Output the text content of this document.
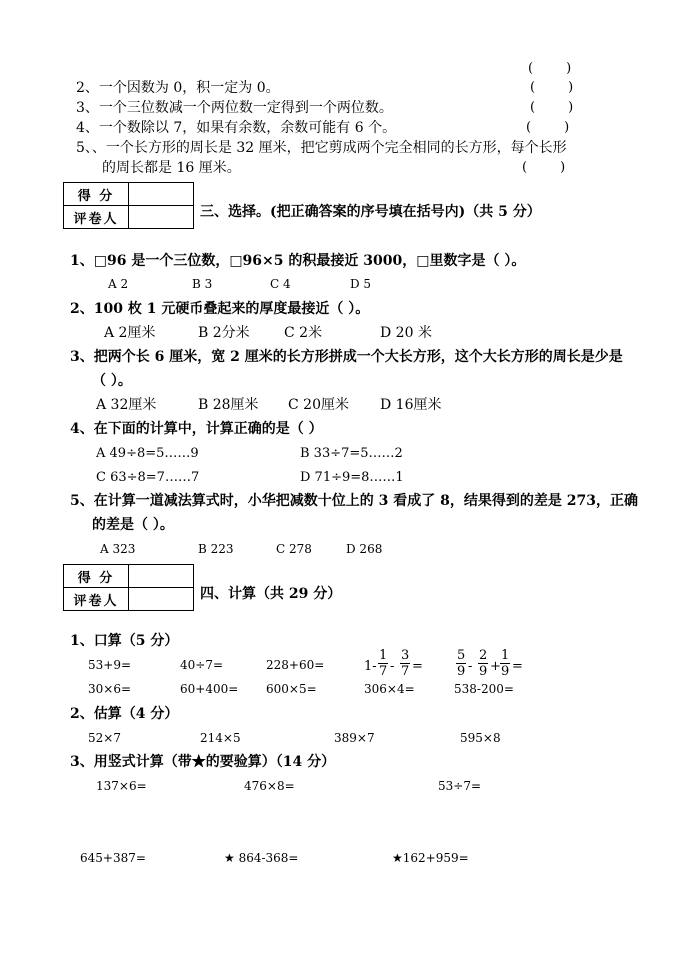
(        )
2、一个因数为 0，积一定为 0。	(        )
3、一个三位数减一个两位数一定得到一个两位数。	(        )
4、一个数除以 7，如果有余数，余数可能有 6 个。	(        )
5、、一个长方形的周长是 32 厘米，把它剪成两个完全相同的长方形，每个长形
的周长都是 16 厘米。	(        )
得 分	
评卷人		三、选择。(把正确答案的序号填在括号内)（共 5 分）
1、□96 是一个三位数，□96×5 的积最接近 3000，□里数字是（ ）。
A 2	B 3	C 4	D 5
2、100 枚 1 元硬币叠起来的厚度最接近（ ）。
A 2厘米	B 2分米 C 2米	D 20 米
3、把两个长 6 厘米，宽 2 厘米的长方形拼成一个大长方形，这个大长方形的周长是少是
（ ）。
A 32厘米	B 28厘米 C 20厘米 D 16厘米
4、在下面的计算中，计算正确的是（ ）
A 49÷8=5……9	B 33÷7=5……2
C 63÷8=7……7	D 71÷9=8……1
5、在计算一道减法算式时，小华把减数十位上的 3 看成了 8，结果得到的差是 273，正确
的差是（ ）。
A 323	B 223	C 278	D 268
得 分	
评卷人		四、计算（共 29 分）
1、口算（5 分）
53+9=	40÷7=	228+60=	$1- \frac{1}{7} - \frac{3}{7}$ =	$\frac{5}{9} - \frac{2}{9} + \frac{1}{9}$ =
30×6=	60+400= 600×5=	306×4=	538-200=
2、估算（4 分）
52×7	214×5	389×7	595×8
3、用竖式计算（带★的要验算）（14 分）
137×6=	476×8=	53÷7=
645+387=	★ 864-368=	★162+959=
